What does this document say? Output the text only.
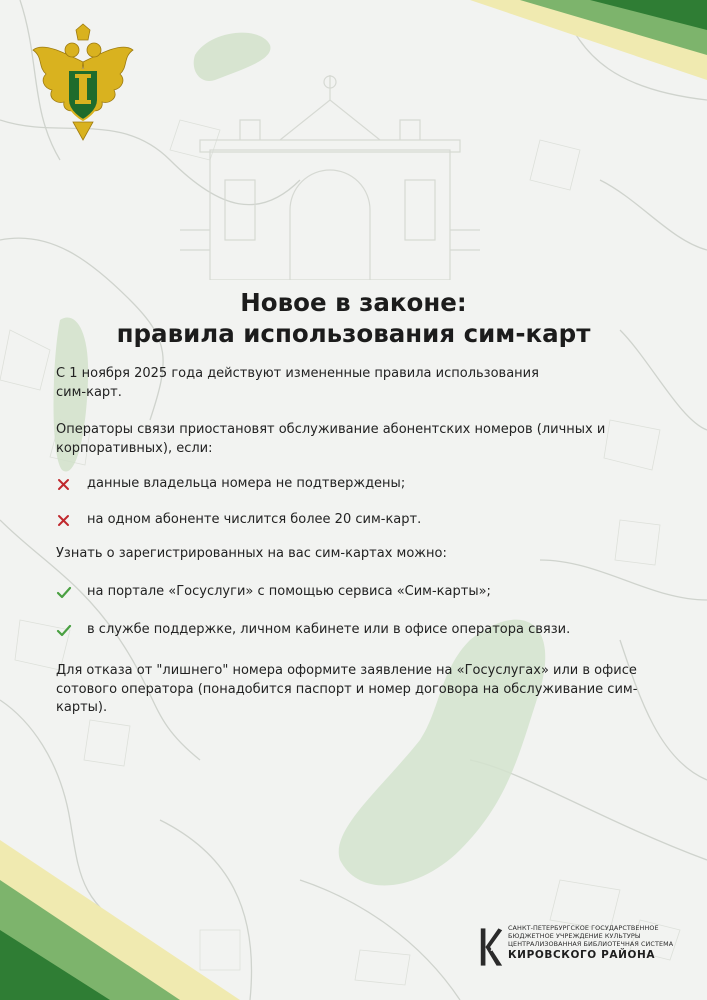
Новое в законе:
правила использования сим-карт

С 1 ноября 2025 года действуют измененные правила использования сим-карт.

Операторы связи приостановят обслуживание абонентских номеров (личных и корпоративных), если:

данные владельца номера не подтверждены;
на одном абоненте числится более 20 сим-карт.

Узнать о зарегистрированных на вас сим-картах можно:

на портале «Госуслуги» с помощью сервиса «Сим-карты»;
в службе поддержке, личном кабинете или в офисе оператора связи.

Для отказа от "лишнего" номера оформите заявление на «Госуслугах» или в офисе сотового оператора (понадобится паспорт и номер договора на обслуживание сим-карты).

САНКТ-ПЕТЕРБУРГСКОЕ ГОСУДАРСТВЕННОЕ
БЮДЖЕТНОЕ УЧРЕЖДЕНИЕ КУЛЬТУРЫ
ЦЕНТРАЛИЗОВАННАЯ БИБЛИОТЕЧНАЯ СИСТЕМА
КИРОВСКОГО РАЙОНА
